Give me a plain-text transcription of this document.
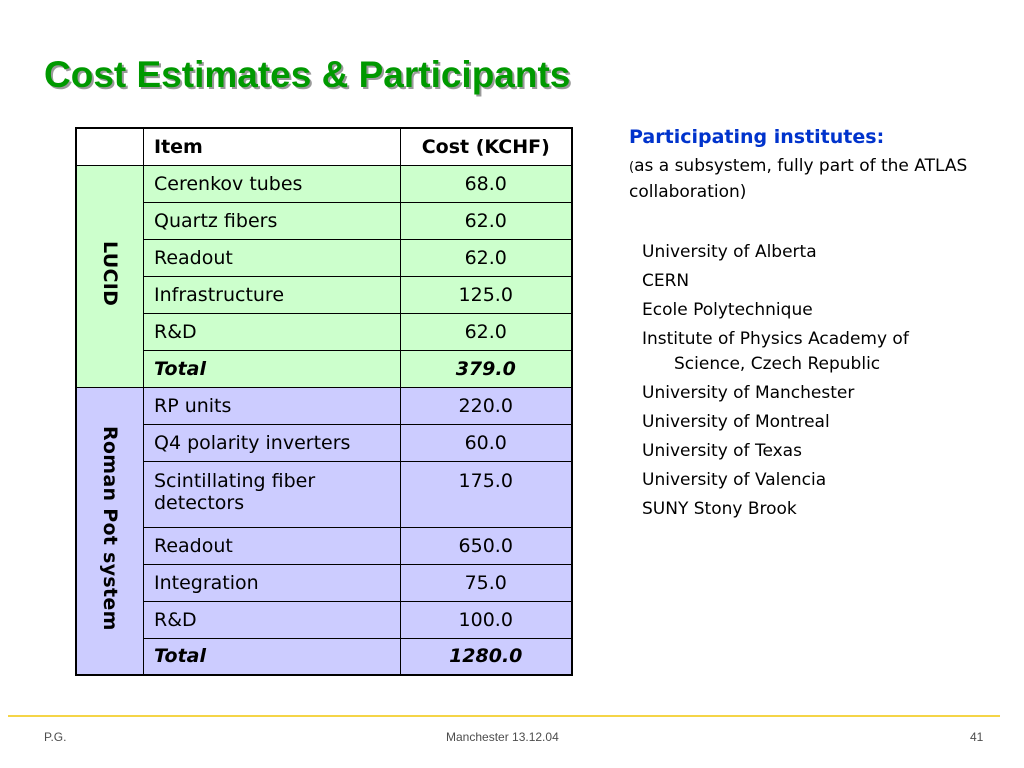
Cost Estimates & Participants
	Item	Cost (KCHF)
LUCID	Cerenkov tubes	68.0
	Quartz fibers	62.0
	Readout	62.0
	Infrastructure	125.0
	R&D	62.0
	Total	379.0
Roman Pot system	RP units	220.0
	Q4 polarity inverters	60.0
	Scintillating fiber detectors	175.0
	Readout	650.0
	Integration	75.0
	R&D	100.0
	Total	1280.0

Participating institutes:

(as a subsystem, fully part of the ATLAS collaboration)

University of Alberta
CERN
Ecole Polytechnique
Institute of Physics Academy of
Science, Czech Republic
University of Manchester
University of Montreal
University of Texas
University of Valencia
SUNY Stony Brook
P.G.	Manchester 13.12.04	41
